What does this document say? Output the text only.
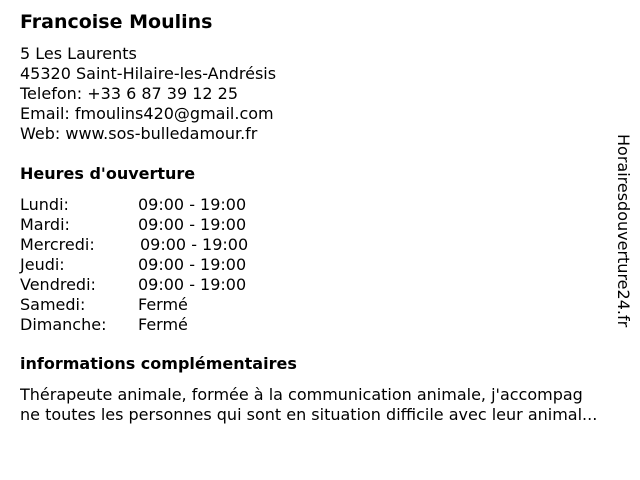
Francoise Moulins
5 Les Laurents
45320 Saint-Hilaire-les-Andrésis
Telefon: +33 6 87 39 12 25
Email: fmoulins420@gmail.com
Web: www.sos-bulledamour.fr
Heures d'ouverture
Lundi:	09:00 - 19:00
Mardi:	09:00 - 19:00
Mercredi:	09:00 - 19:00
Jeudi:	09:00 - 19:00
Vendredi:	09:00 - 19:00
Samedi:	Fermé
Dimanche: Fermé
informations complémentaires
Thérapeute animale, formée à la communication animale, j'accompag
ne toutes les personnes qui sont en situation difficile avec leur animal...
Horairesdouverture24.fr
